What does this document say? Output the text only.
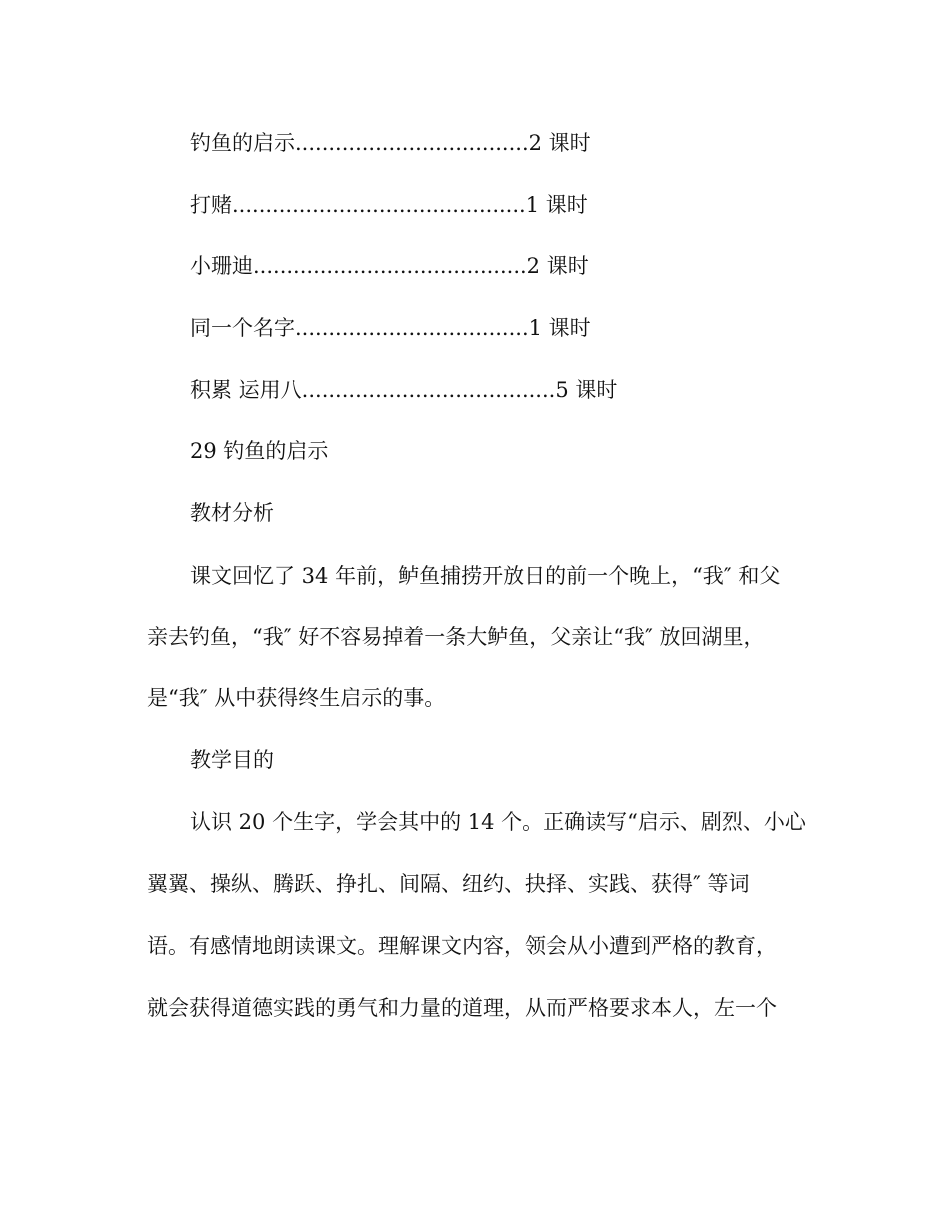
钓鱼的启示...................................2 课时
打赌............................................1 课时
小珊迪.........................................2 课时
同一个名字...................................1 课时
积累 运用八......................................5 课时
29 钓鱼的启示
教材分析
课文回忆了 34 年前，鲈鱼捕捞开放日的前一个晚上，“我″ 和父
亲去钓鱼，“我″ 好不容易掉着一条大鲈鱼，父亲让“我″ 放回湖里，
是“我″ 从中获得终生启示的事。
教学目的
认识 20 个生字，学会其中的 14 个。正确读写“启示、剧烈、小心
翼翼、操纵、腾跃、挣扎、间隔、纽约、抉择、实践、获得″ 等词
语。有感情地朗读课文。理解课文内容，领会从小遭到严格的教育，
就会获得道德实践的勇气和力量的道理，从而严格要求本人，左一个
